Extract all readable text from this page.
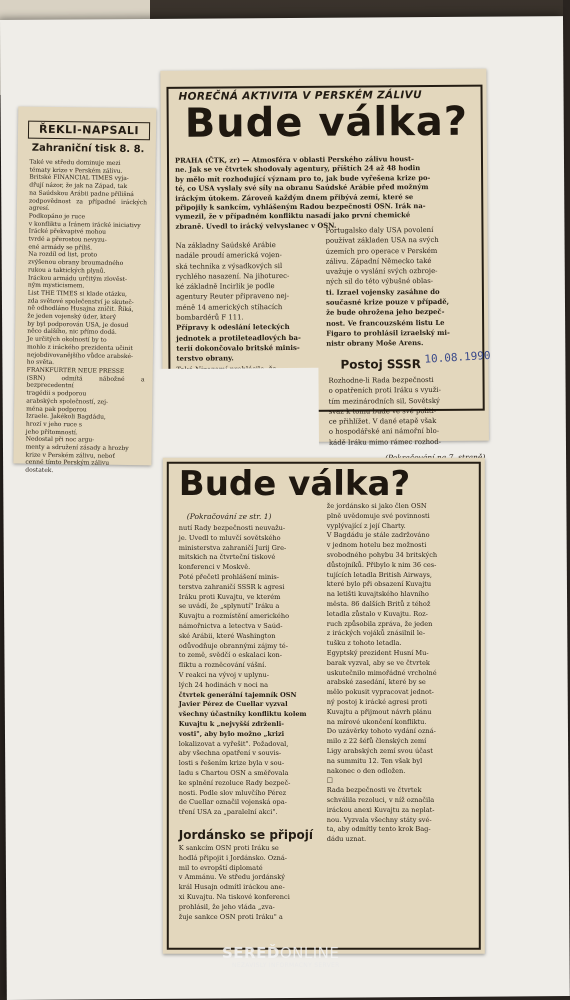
ŘEKLI-NAPSALI
Zahraniční tisk 8. 8.

Také ve středu dominuje mezi

tématy krize v Perském zálivu.

Britské FINANCIAL TIMES vyja-

dřují názor, že jak na Západ, tak

na Saúdskou Arábii padne přílišná

zodpovědnost za případné iráckých agresí.

Podkopáno je ruce

v konfliktu a Iránem irácké iniciativy

Irácké překvapivé mohou

tvrdé a přerostou nevyzu-

ené armády se příliš.

Na rozdíl od list, proto

zvýšenou obrany broumadného

rukou a taktických plynů.

Iráckou armádu určitým zlověst-

ným mysticismem.

List THE TIMES si klade otázku,

zda světové společenství je skuteč-

ně odhodláno Husajna zničit. Říká,

že jeden vojenský úder, který

by byl podporován USA, je dosud

něco dalšího, nic přímo dodá.

Je určitých okolností by to

mohlo z iráckého prezidenta učinit

nejobdivovanějšího vůdce arabské-

ho světa.

FRANKFURTER NEUE PRESSE

(SRN) odmítá nábožné a bezprecedentní

tragédii s podporou

arabských společností, zej-

ména pak podporou

Izraele. Jakékoli Bagdádu,

hrozí v jeho ruce s

jeho přítomností.

Nedostal při noc argu-

menty a sdružení zásady a hrozby

krize v Perském zálivu, neboť

cenné tímto Perským zálivu

dostatek.

HOREČNÁ AKTIVITA V PERSKÉM ZÁLIVU
Bude válka?

PRAHA (ČTK, zr) — Atmosféra v oblasti Perského zálivu houst-

ne. Jak se ve čtvrtek shodovaly agentury, příštích 24 až 48 hodin

by mělo mít rozhodující význam pro to, jak bude vyřešena krize po-

té, co USA vyslaly své síly na obranu Saúdské Arábie před možným

iráckým útokem. Zároveň každým dnem přibývá zemí, které se

připojily k sankcím, vyhlášeným Radou bezpečnosti OSN. Irák na-

vymezil, že v případném konfliktu nasadí jako první chemické

zbraně. Uvedl to irácký velvyslanec v OSN.

Na základny Saúdské Arábie

nadále proudí americká vojen-

ská technika z výsadkových sil

rychlého nasazení. Na jihoturec-

ké základně Incirlik je podle

agentury Reuter připraveno nej-

méně 14 amerických stíhacích

bombardérů F 111.

Přípravy k odeslání leteckých

jednotek a protileteadlových ba-

terií dokončovalo britské minis-

terstvo obrany.

Portugalsko daly USA povolení

používat základen USA na svých

územích pro operace v Perském

zálivu. Západní Německo také

uvažuje o vyslání svých ozbroje-

ných sil do této výbušné oblas-

ti. Izrael vojensky zasáhne do

současné krize pouze v případě,

že bude ohrožena jeho bezpeč-

nost. Ve francouzském listu Le

Figaro to prohlásil izraelský mi-

nistr obrany Moše Arens.

Postoj SSSR 10.08.1990

Rozhodne-li Rada bezpečnosti

o opatřeních proti Iráku s využi-

tím mezinárodních sil, Sovětský

svaz k tomu bude ve své politi-

ce přihlížet. V dané etapě však

o hospodářské ani námořní blo-

kádě Iráku mimo rámec rozhod-

Bude válka?
(Pokračování ze str. 1)

nutí Rady bezpečnosti neuvažu-

je. Uvedl to mluvčí sovětského

ministerstva zahraničí Jurij Gre-

mitskich na čtvrteční tiskové

konferenci v Moskvě.

Poté přečetl prohlášení minis-

terstva zahraničí SSSR k agresi

Iráku proti Kuvajtu, ve kterém

se uvádí, že „splynutí" Iráku a

Kuvajtu a rozmístění amerického

námořnictva a letectva v Saúd-

ské Arábii, které Washington

odůvodňuje obrannými zájmy té-

to země, svědčí o eskalaci kon-

fliktu a rozněcování vášní.

V reakci na vývoj v uplynu-

lých 24 hodinách v noci na

čtvrtek generální tajemník OSN

Javier Pérez de Cuellar vyzval

všechny účastníky konfliktu kolem

Kuvajtu k „nejvyšší zdrženli-

vosti", aby bylo možno „krizi

lokalizovat a vyřešit". Požadoval,

aby všechna opatření v souvis-

losti s řešením krize byla v sou-

ladu s Chartou OSN a směřovala

ke splnění rezoluce Rady bezpeč-

nosti. Podle slov mluvčího Pérez

de Cuellar označil vojenská opa-

tření USA za „paralelní akci".

Jordánsko se připojí

K sankcím OSN proti Iráku se

hodlá připojit i Jordánsko. Ozná-

mil to evropští diplomaté

v Ammánu. Ve středu jordánský

král Husajn odmítl iráckou ane-

xi Kuvajtu. Na tiskové konferenci

prohlásil, že jeho vláda „zva-

žuje sankce OSN proti Iráku" a

že jordánsko si jako člen OSN

plně uvědomuje své povinnosti

vyplývající z její Charty.

V Bagdádu je stále zadržováno

v jednom hotelu bez možnosti

svobodného pohybu 34 britských

důstojníků. Přibylo k nim 36 ces-

tujících letadla British Airways,

které bylo při obsazení Kuvajtu

na letišti kuvajtského hlavního

města. 86 dalších Britů z téhož

letadla zůstalo v Kuvajtu. Roz-

ruch způsobila zpráva, že jeden

z iráckých vojáků znásilnil le-

tušku z tohoto letadla.

Egyptský prezident Husní Mu-

barak vyzval, aby se ve čtvrtek

uskutečnilo mimořádné vrcholné

arabské zasedání, které by se

mělo pokusit vypracovat jednot-

ný postoj k irácké agresi proti

Kuvajtu a přijmout návrh plánu

na mírové ukončení konfliktu.

Do uzávěrky tohoto vydání ozná-

milo z 22 šéfů členských zemí

Ligy arabských zemí svou účast

na summitu 12. Ten však byl

nakonec o den odložen.

□

Rada bezpečnosti ve čtvrtek

schválila rezoluci, v níž označila

iráckou anexi Kuvajtu za neplat-

nou. Vyzvala všechny státy své-

ta, aby odmítly tento krok Bag-

dádu uznat.

SEREĎONLINE
NEZÁVISLÝ INFORMAČNÝ SERVER
